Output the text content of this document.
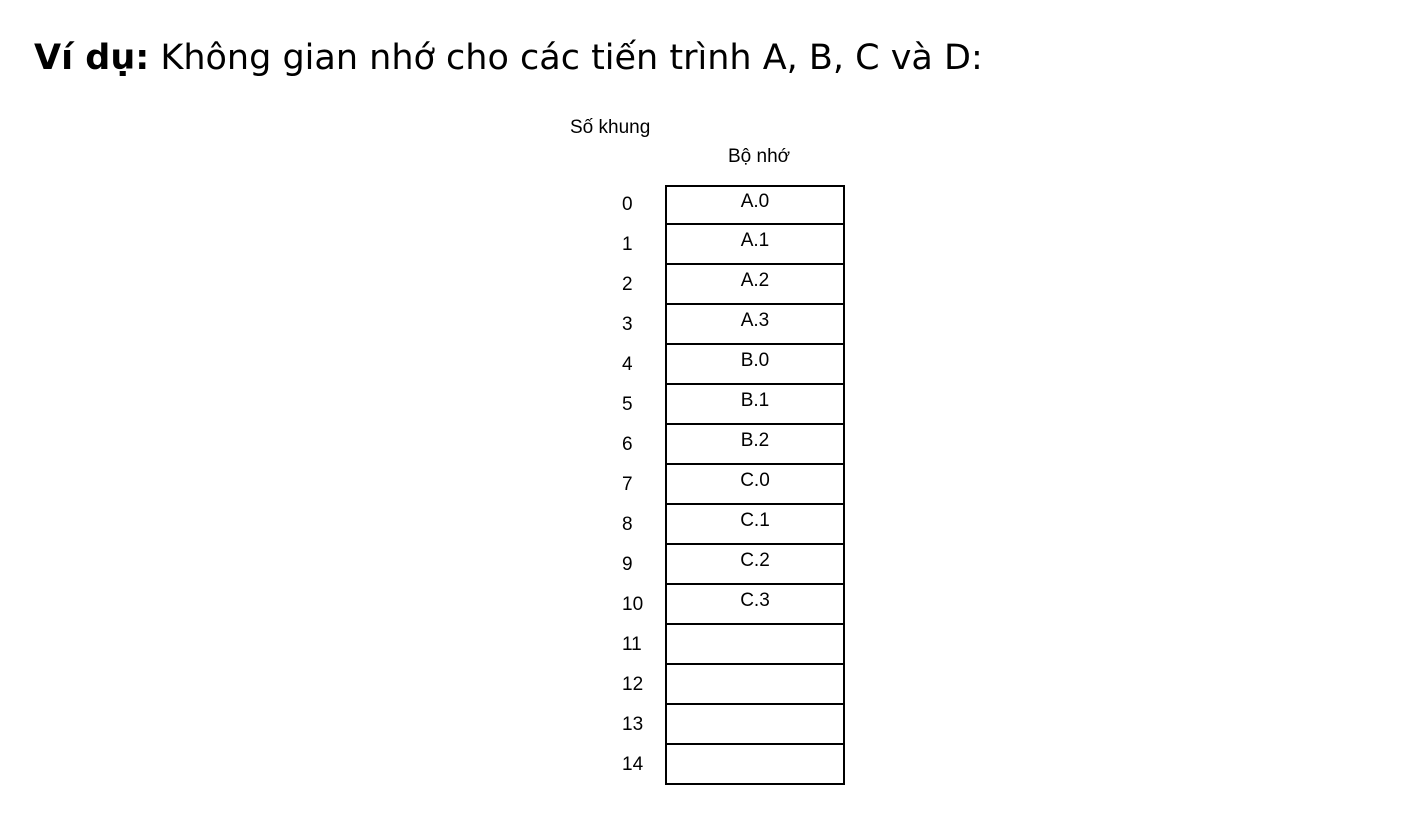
Ví dụ: Không gian nhớ cho các tiến trình A, B, C và D:
Số khung
Bộ nhớ
0	A.0
1	A.1
2	A.2
3	A.3
4	B.0
5	B.1
6	B.2
7	C.0
8	C.1
9	C.2
10	C.3
11
12
13
14
